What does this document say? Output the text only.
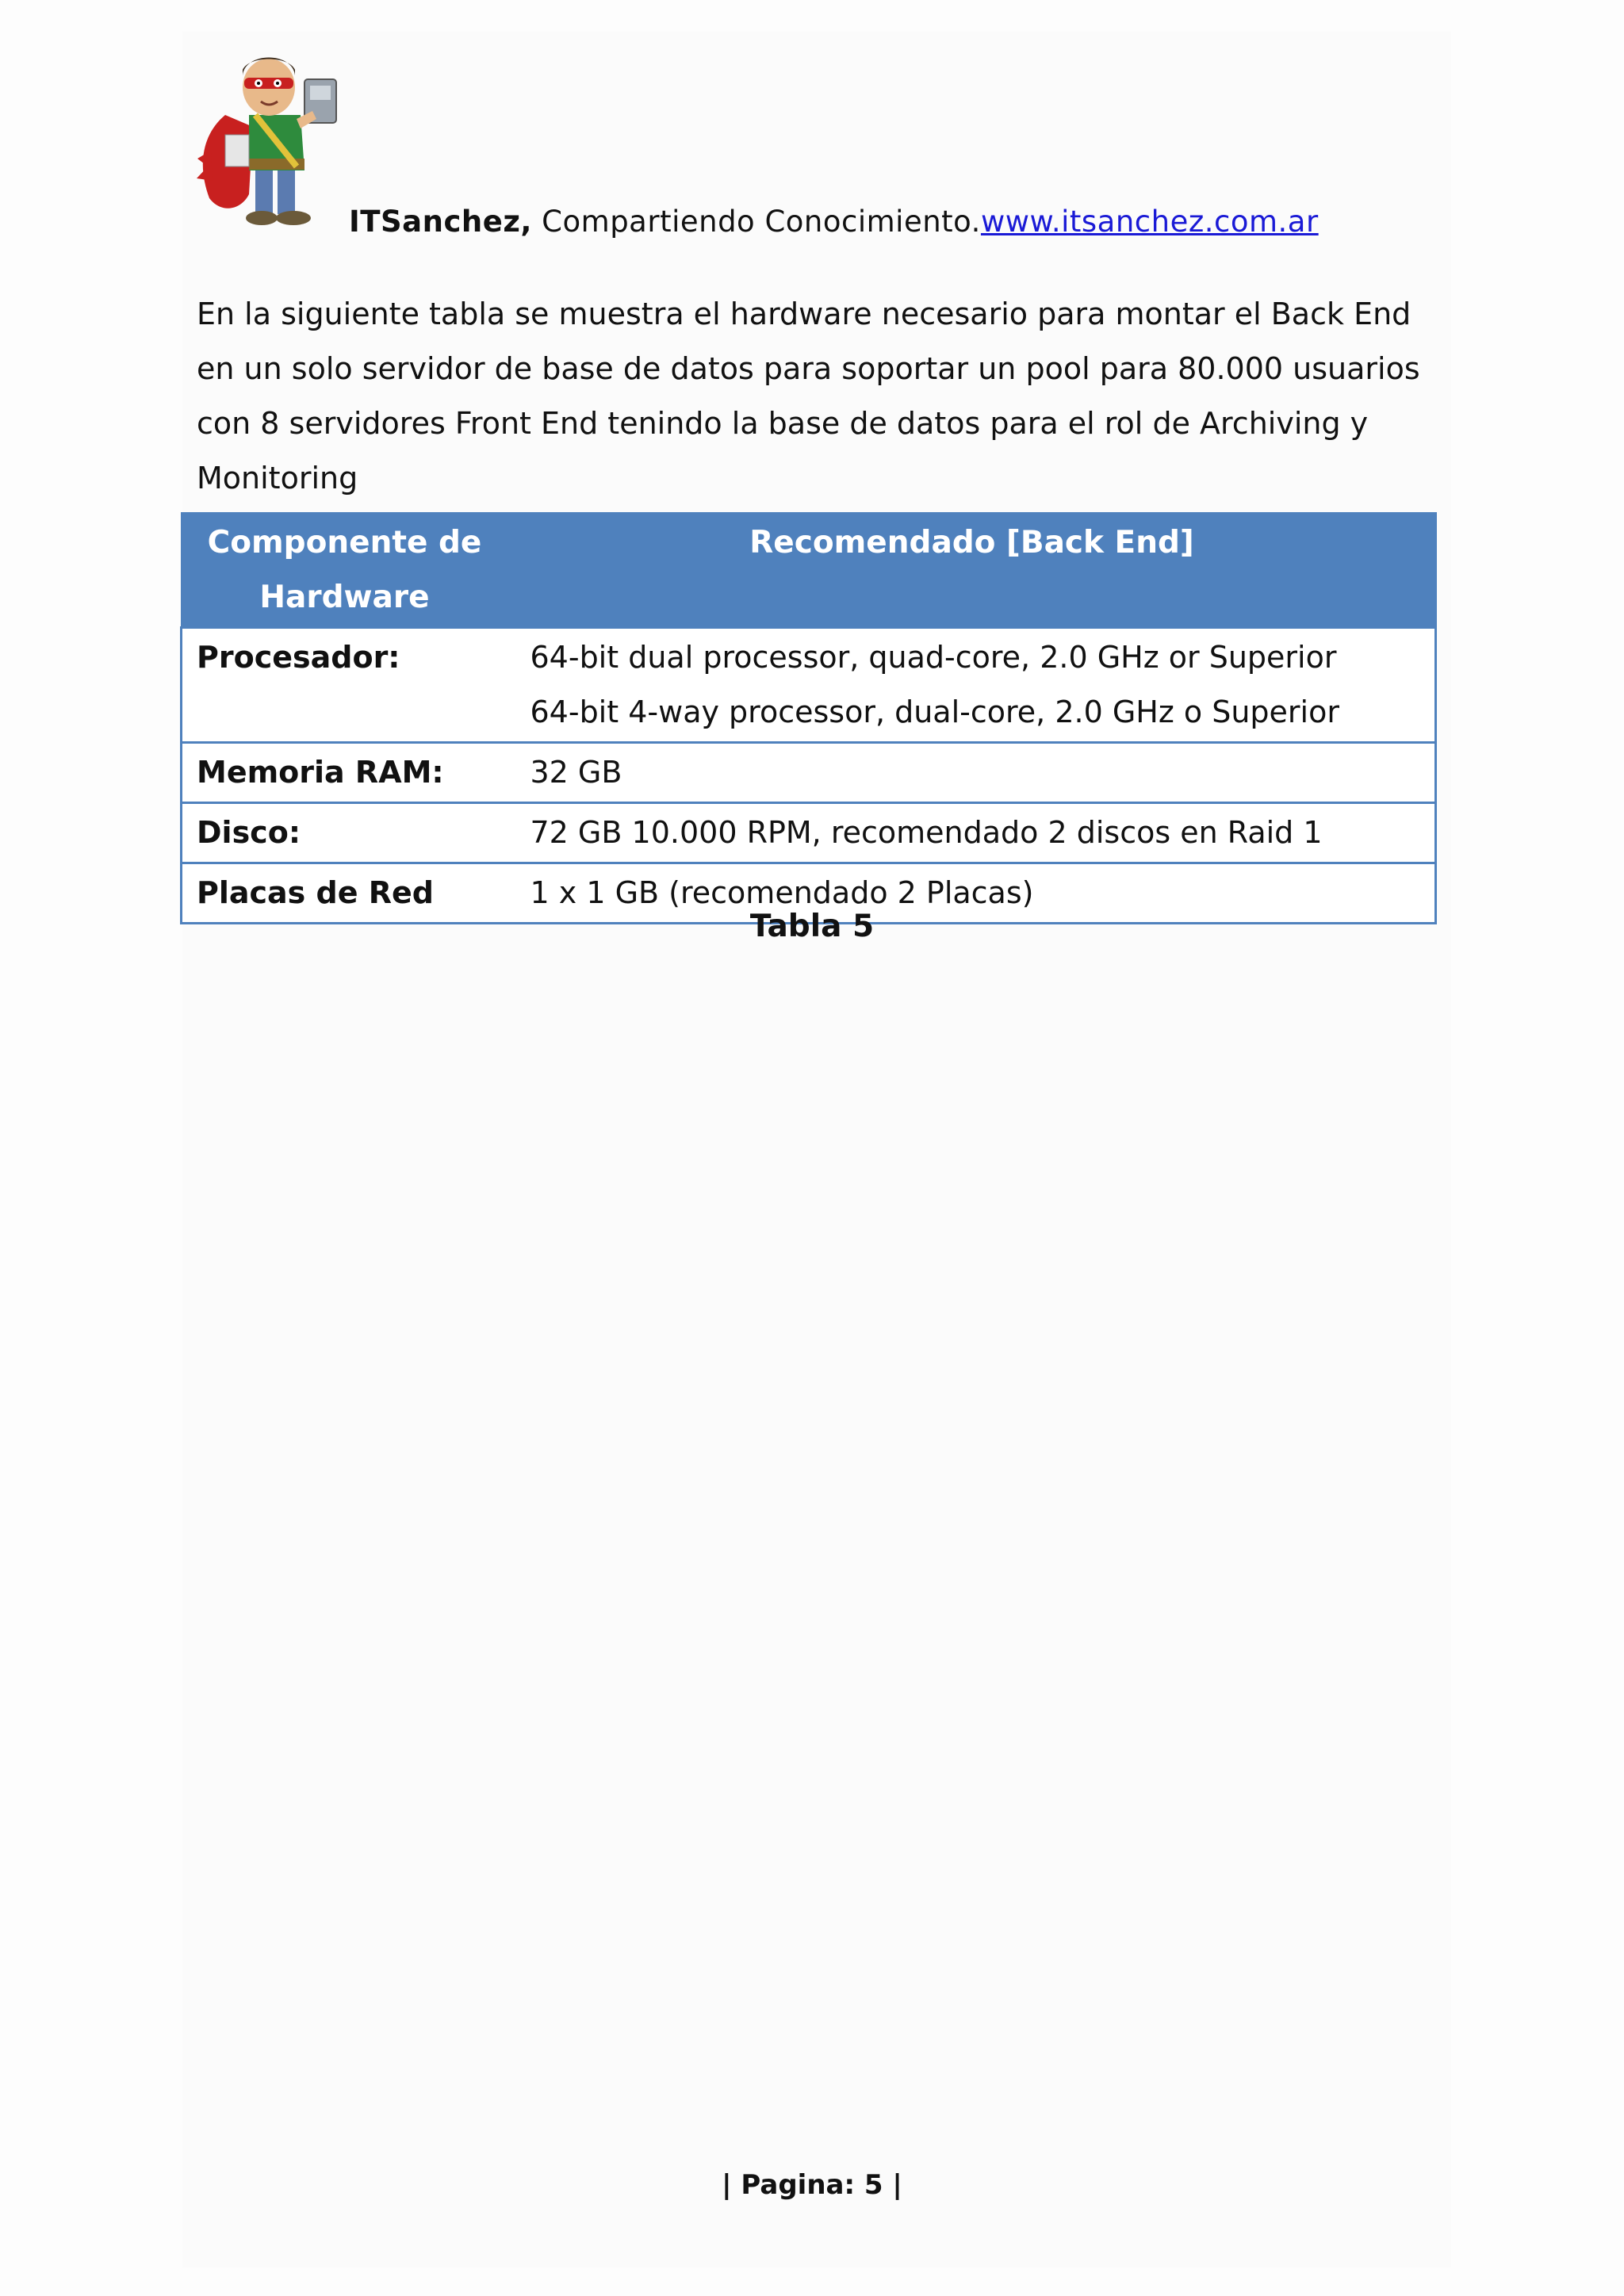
ITSanchez, Compartiendo Conocimiento.www.itsanchez.com.ar

En la siguiente tabla se muestra el hardware necesario para montar el Back End en un solo servidor de base de datos para soportar un pool para 80.000 usuarios con 8 servidores Front End tenindo la base de datos para el rol de Archiving y Monitoring

Componente de Hardware	Recomendado [Back End]
Procesador:	64-bit dual processor, quad-core, 2.0 GHz or Superior
64-bit 4-way processor, dual-core, 2.0 GHz o Superior

Memoria RAM:	32 GB

Disco:	72 GB 10.000 RPM, recomendado 2 discos en Raid 1

Placas de Red	1 x 1 GB (recomendado 2 Placas)
Tabla 5
| Pagina: 5 |
